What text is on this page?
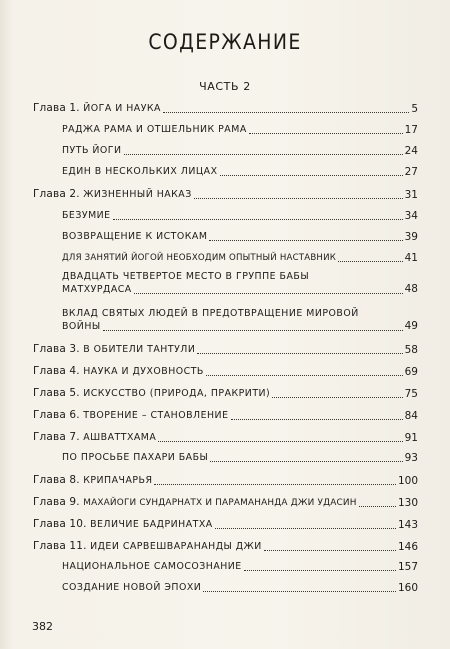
СОДЕРЖАНИЕ
ЧАСТЬ 2
Глава 1. ЙОГА И НАУКА	5
РАДЖА РАМА И ОТШЕЛЬНИК РАМА	17
ПУТЬ ЙОГИ	24
ЕДИН В НЕСКОЛЬКИХ ЛИЦАХ	27
Глава 2. ЖИЗНЕННЫЙ НАКАЗ	31
БЕЗУМИЕ	34
ВОЗВРАЩЕНИЕ К ИСТОКАМ	39
ДЛЯ ЗАНЯТИЙ ЙОГОЙ НЕОБХОДИМ ОПЫТНЫЙ НАСТАВНИК	41
ДВАДЦАТЬ ЧЕТВЕРТОЕ МЕСТО В ГРУППЕ БАБЫ
МАТХУРДАСА	48
ВКЛАД СВЯТЫХ ЛЮДЕЙ В ПРЕДОТВРАЩЕНИЕ МИРОВОЙ
ВОЙНЫ	49
Глава 3. В ОБИТЕЛИ ТАНТУЛИ	58
Глава 4. НАУКА И ДУХОВНОСТЬ	69
Глава 5. ИСКУССТВО (ПРИРОДА, ПРАКРИТИ)	75
Глава 6. ТВОРЕНИЕ – СТАНОВЛЕНИЕ	84
Глава 7. АШВАТТХАМА	91
ПО ПРОСЬБЕ ПАХАРИ БАБЫ	93
Глава 8. КРИПАЧАРЬЯ	100
Глава 9. МАХАЙОГИ СУНДАРНАТХ И ПАРАМАНАНДА ДЖИ УДАСИН	130
Глава 10. ВЕЛИЧИЕ БАДРИНАТХА	143
Глава 11. ИДЕИ САРВЕШВАРАНАНДЫ ДЖИ	146
НАЦИОНАЛЬНОЕ САМОСОЗНАНИЕ	157
СОЗДАНИЕ НОВОЙ ЭПОХИ	160
382
